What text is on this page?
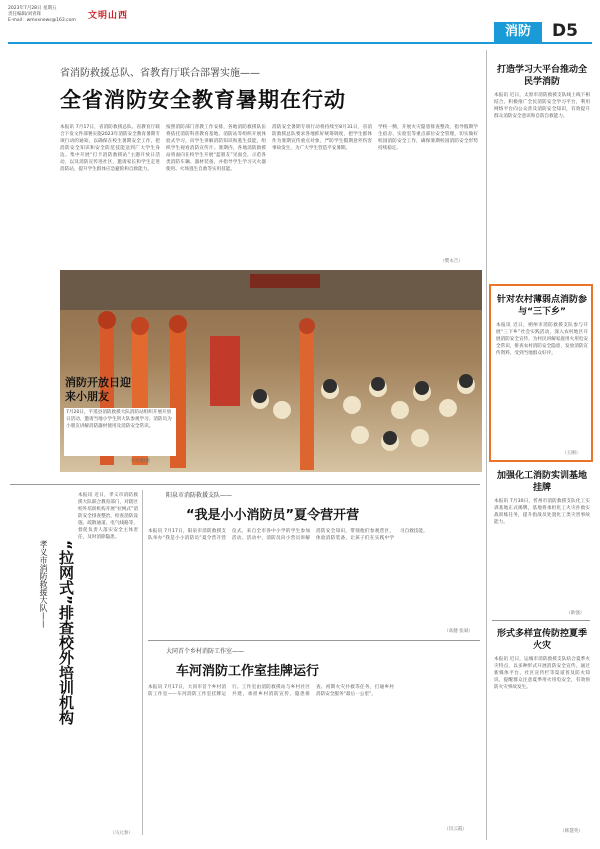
2023年7月28日 星期五
责任编辑/刘青锋
E-mail：wmxxnews@163.com 文明山西
消防	D5
省消防救援总队、省教育厅联合部署实施——
全省消防安全教育暑期在行动
本报讯 7月17日，省消防救援总队、省教育厅联合下发文件部署实施2023年消防安全教育暑期专项行动的通知，以确保在校生暑期安全工作，把消防安全知识和安全防范技能送到广大学生身边。集中开展“打卡消防救援站”主题开放日活动，以及消防宣传进社区，邀请家长和学生走进消防站，提升学生群体应急避险和自救能力。
按照消防部门普教工作安排，各地消防救援队伍将依托消防科普教育基地、消防站等组织开展体验式学习，向学生讲解消防知识和逃生技能，组织学生观看消防宣传片。暑期内，各地消防救援站将面向在校学生开展“蓝朋友”见面会，示范各类消防车辆、器材装备，并指导学生学习灭火器使用、火场逃生自救等实用技能。
消防安全暑期专项行动将持续至8月31日，省消防救援总队要求各地抓好统筹调度，把学生群体作为暑期宣传重点对象，严防学生假期意外伤害事故发生，为广大学生营造平安暑期。
学校一侧，开展火灾隐患排查整改，指导假期学生宿舍、实验室等重点部位安全管理，切实做好校园消防安全工作，确保暑期校园消防安全形势持续稳定。
（樊永吉）
消防开放日迎来小朋友
7月20日，平遥县消防救援大队消防站组织开展开放日活动，邀请当地小学生到大队参观学习。消防员为小朋友讲解消防器材使用及消防安全常识。
李亮摄/摄
打造学习大平台推动全民学消防
本报讯 近日，太原市消防救援支队线上线下相结合，积极推广全民消防安全学习平台，利用网络平台向公众普及消防安全知识，有效提升群众消防安全意识和自防自救能力。
针对农村薄弱点消防参与“三下乡”
本报讯 近日，朔州市消防救援支队参与开展“三下乡”社会实践活动，深入农村地区开展消防安全宣传，为村民讲解家庭用火用电安全常识，排查农村消防安全隐患，发放消防宣传资料，受到当地群众好评。
（王刚）
加强化工消防实训基地挂牌
本报讯 7月30日，忻州市消防救援支队化工实训基地正式揭牌，基地将承担化工火灾扑救实战训练任务，提升指战员处置化工类灾害事故能力。
（耿强）
形式多样宣传防控夏季火灾
本报讯 近日，运城市消防救援支队结合夏季火灾特点，以多种形式开展消防安全宣传，通过新媒体平台、社区宣传栏等渠道普及防火知识，提醒群众注意夏季用火用电安全，有效预防火灾事故发生。
（韩慧英）
“拉网式”排查校外培训机构
孝义市消防救援大队——
本报讯 近日，孝义市消防救援大队联合教育部门，对辖区校外培训机构开展“拉网式”消防安全排查整治，检查消防设施、疏散通道、电气线路等，督促负责人落实安全主体责任，及时消除隐患。
（马元春）
阳泉市消防救援支队——
“我是小小消防员”夏令营开营
本报讯 7月17日，阳泉市消防救援支队举办“我是小小消防员”夏令营开营仪式，来自全市各中小学的学生参加活动。活动中，消防员向小营员讲解消防安全知识，带领他们参观营区，体验消防装备，让孩子们在实践中学习自救技能。
（高健 张斌）
大同首个乡村消防工作室——
车河消防工作室挂牌运行
本报讯 7月17日，大同市首个乡村消防工作室——车河消防工作室挂牌运行。工作室由消防救援站与乡村社区共建，承担乡村消防宣传、隐患排查、初期火灾扑救等任务，打通乡村消防安全服务“最后一公里”。
（闫云霞）
